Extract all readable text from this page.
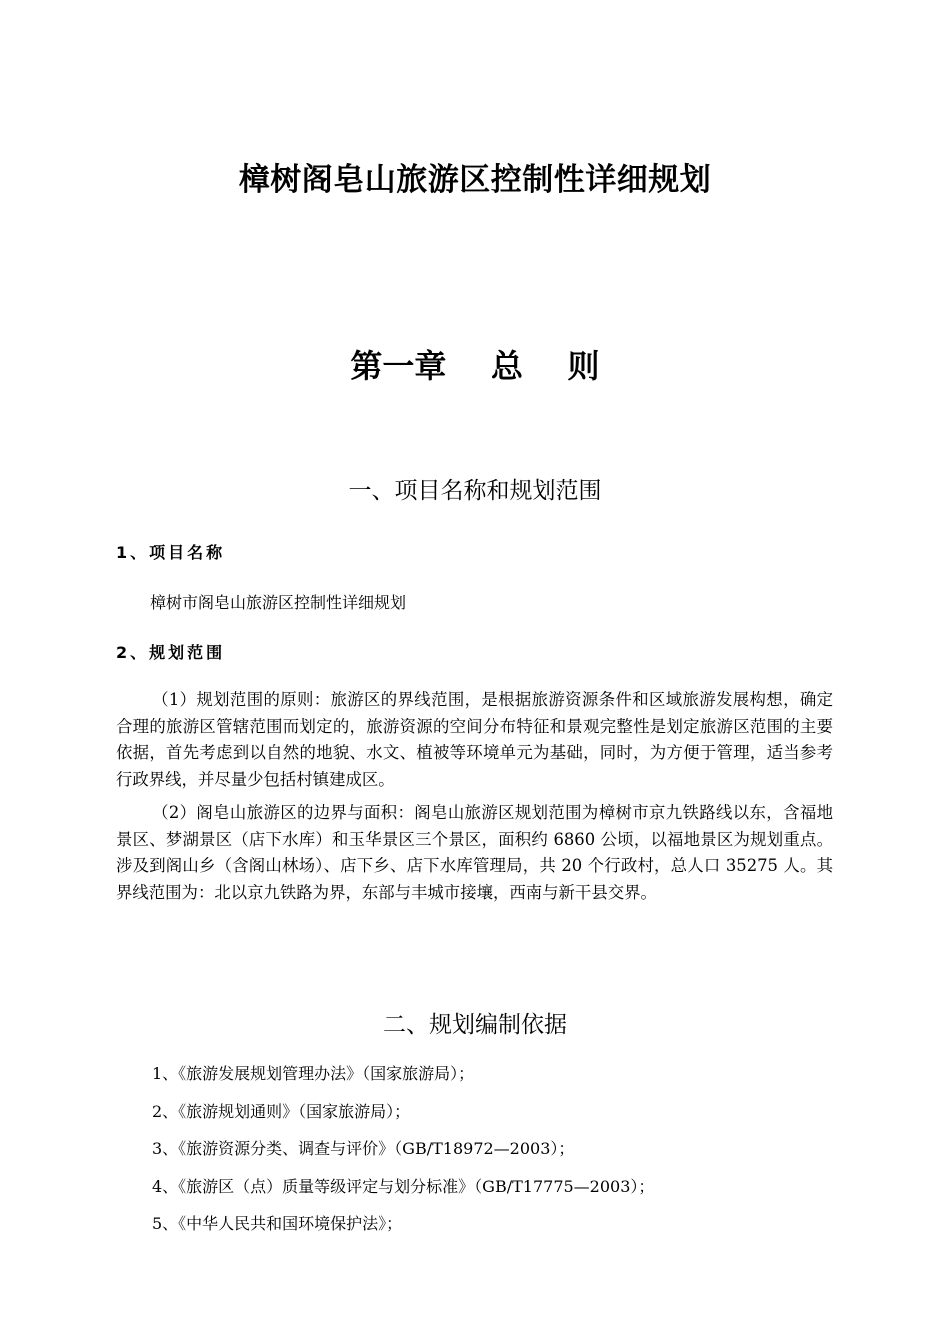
樟树阁皂山旅游区控制性详细规划
第一章    总    则
一、项目名称和规划范围
1、项目名称
樟树市阁皂山旅游区控制性详细规划
2、规划范围

（1）规划范围的原则：旅游区的界线范围，是根据旅游资源条件和区域旅游发展构想，确定合理的旅游区管辖范围而划定的，旅游资源的空间分布特征和景观完整性是划定旅游区范围的主要依据，首先考虑到以自然的地貌、水文、植被等环境单元为基础，同时，为方便于管理，适当参考行政界线，并尽量少包括村镇建成区。

（2）阁皂山旅游区的边界与面积：阁皂山旅游区规划范围为樟树市京九铁路线以东，含福地景区、梦湖景区（店下水库）和玉华景区三个景区，面积约 6860 公顷，以福地景区为规划重点。涉及到阁山乡（含阁山林场）、店下乡、店下水库管理局，共 20 个行政村，总人口 35275 人。其界线范围为：北以京九铁路为界，东部与丰城市接壤，西南与新干县交界。

二、规划编制依据
1、《旅游发展规划管理办法》（国家旅游局）；
2、《旅游规划通则》（国家旅游局）；
3、《旅游资源分类、调查与评价》（GB/T18972—2003）；
4、《旅游区（点）质量等级评定与划分标准》（GB/T17775—2003）；
5、《中华人民共和国环境保护法》；
